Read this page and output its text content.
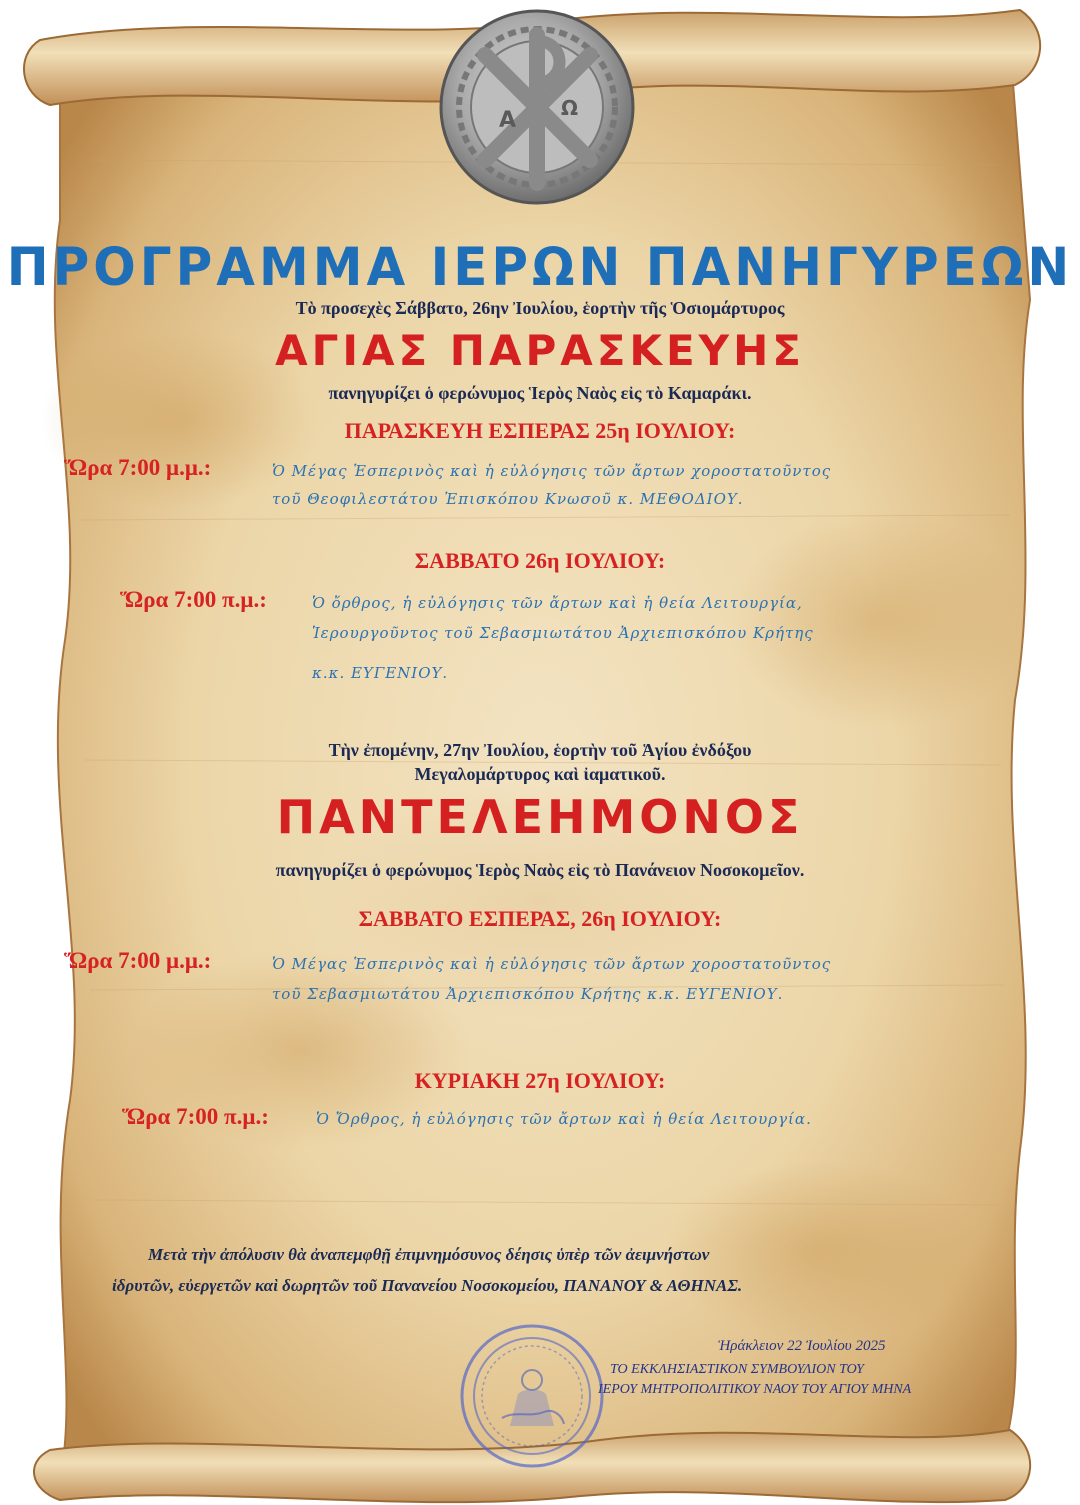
Α Ω
ΠΡΟΓΡΑΜΜΑ ΙΕΡΩΝ ΠΑΝΗΓΥΡΕΩΝ
Τὸ προσεχὲς Σάββατο, 26ην Ἰουλίου, ἑορτὴν τῆς Ὁσιομάρτυρος
ΑΓΙΑΣ ΠΑΡΑΣΚΕΥΗΣ
πανηγυρίζει ὁ φερώνυμος Ἱερὸς Ναὸς εἰς τὸ Καμαράκι.
ΠΑΡΑΣΚΕΥΗ ΕΣΠΕΡΑΣ 25η ΙΟΥΛΙΟΥ:
Ὥρα 7:00 μ.μ.:	Ὁ Μέγας Ἑσπερινὸς καὶ ἡ εὐλόγησις τῶν ἄρτων χοροστατοῦντος
τοῦ Θεοφιλεστάτου Ἐπισκόπου Κνωσοῦ κ. ΜΕΘΟΔΙΟΥ.
ΣΑΒΒΑΤΟ 26η ΙΟΥΛΙΟΥ:
Ὥρα 7:00 π.μ.:	Ὁ ὄρθρος, ἡ εὐλόγησις τῶν ἄρτων καὶ ἡ θεία Λειτουργία,
Ἱερουργοῦντος τοῦ Σεβασμιωτάτου Ἀρχιεπισκόπου Κρήτης
κ.κ. ΕΥΓΕΝΙΟΥ.
Τὴν ἐπομένην, 27ην Ἰουλίου, ἑορτὴν τοῦ Ἁγίου ἐνδόξου
Μεγαλομάρτυρος καὶ ἰαματικοῦ.
ΠΑΝΤΕΛΕΗΜΟΝΟΣ
πανηγυρίζει ὁ φερώνυμος Ἱερὸς Ναὸς εἰς τὸ Πανάνειον Νοσοκομεῖον.
ΣΑΒΒΑΤΟ ΕΣΠΕΡΑΣ, 26η ΙΟΥΛΙΟΥ:
Ὥρα 7:00 μ.μ.:	Ὁ Μέγας Ἑσπερινὸς καὶ ἡ εὐλόγησις τῶν ἄρτων χοροστατοῦντος
τοῦ Σεβασμιωτάτου Ἀρχιεπισκόπου Κρήτης κ.κ. ΕΥΓΕΝΙΟΥ.
ΚΥΡΙΑΚΗ 27η ΙΟΥΛΙΟΥ:
Ὥρα 7:00 π.μ.:	Ὁ Ὄρθρος, ἡ εὐλόγησις τῶν ἄρτων καὶ ἡ θεία Λειτουργία.
Μετὰ τὴν ἀπόλυσιν θὰ ἀναπεμφθῇ ἐπιμνημόσυνος δέησις ὑπὲρ τῶν ἀειμνήστων
ἱδρυτῶν, εὐεργετῶν καὶ δωρητῶν τοῦ Πανανείου Νοσοκομείου, ΠΑΝΑΝΟΥ & ΑΘΗΝΑΣ.
Ἡράκλειον 22 Ἰουλίου 2025
ΤΟ ΕΚΚΛΗΣΙΑΣΤΙΚΟΝ ΣΥΜΒΟΥΛΙΟΝ ΤΟΥ
ΙΕΡΟΥ ΜΗΤΡΟΠΟΛΙΤΙΚΟΥ ΝΑΟΥ ΤΟΥ ΑΓΙΟΥ ΜΗΝΑ
